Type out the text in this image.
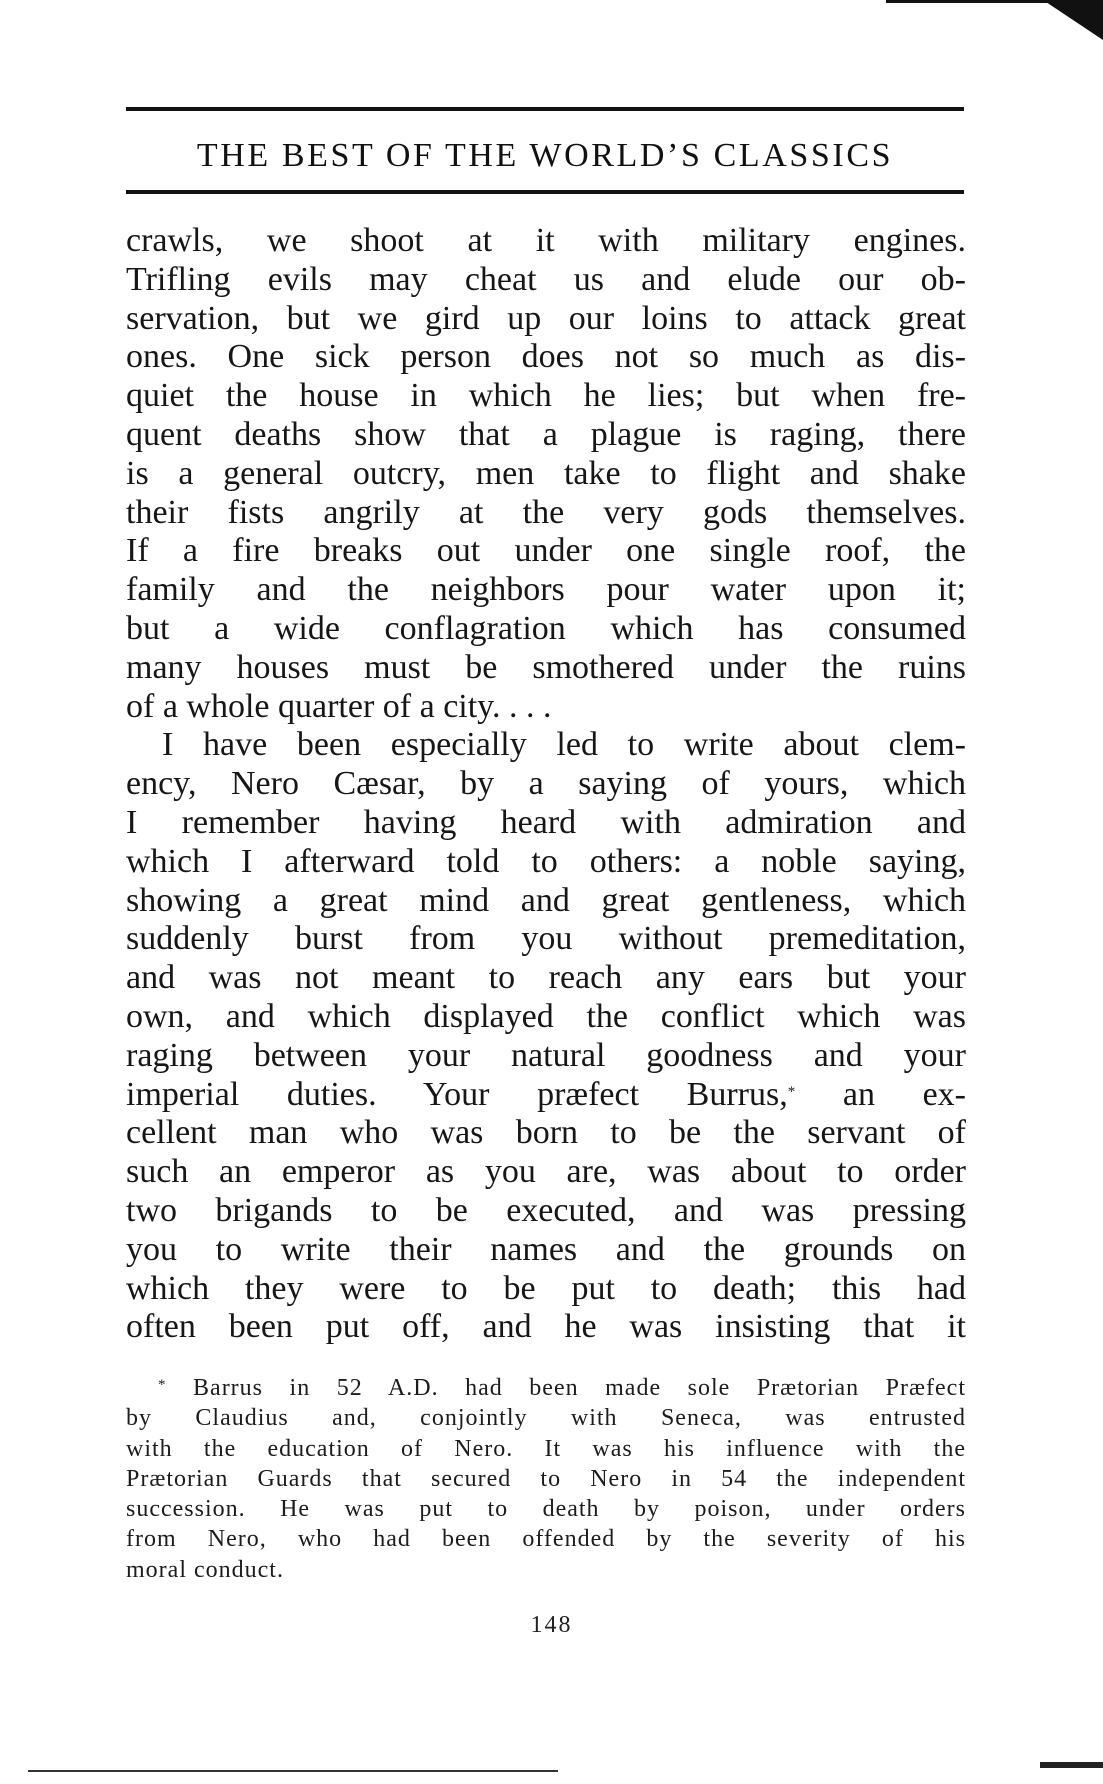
THE BEST OF THE WORLD’S CLASSICS
crawls, we shoot at it with military engines.
Trifling evils may cheat us and elude our ob-
servation, but we gird up our loins to attack great
ones. One sick person does not so much as dis-
quiet the house in which he lies; but when fre-
quent deaths show that a plague is raging, there
is a general outcry, men take to flight and shake
their fists angrily at the very gods themselves.
If a fire breaks out under one single roof, the
family and the neighbors pour water upon it;
but a wide conflagration which has consumed
many houses must be smothered under the ruins
of a whole quarter of a city. . . .
I have been especially led to write about clem-
ency, Nero Cæsar, by a saying of yours, which
I remember having heard with admiration and
which I afterward told to others: a noble saying,
showing a great mind and great gentleness, which
suddenly burst from you without premeditation,
and was not meant to reach any ears but your
own, and which displayed the conflict which was
raging between your natural goodness and your
imperial duties. Your præfect Burrus,* an ex-
cellent man who was born to be the servant of
such an emperor as you are, was about to order
two brigands to be executed, and was pressing
you to write their names and the grounds on
which they were to be put to death; this had
often been put off, and he was insisting that it
* Barrus in 52 A.D. had been made sole Prætorian Præfect
by Claudius and, conjointly with Seneca, was entrusted
with the education of Nero. It was his influence with the
Prætorian Guards that secured to Nero in 54 the independent
succession. He was put to death by poison, under orders
from Nero, who had been offended by the severity of his
moral conduct.
148
